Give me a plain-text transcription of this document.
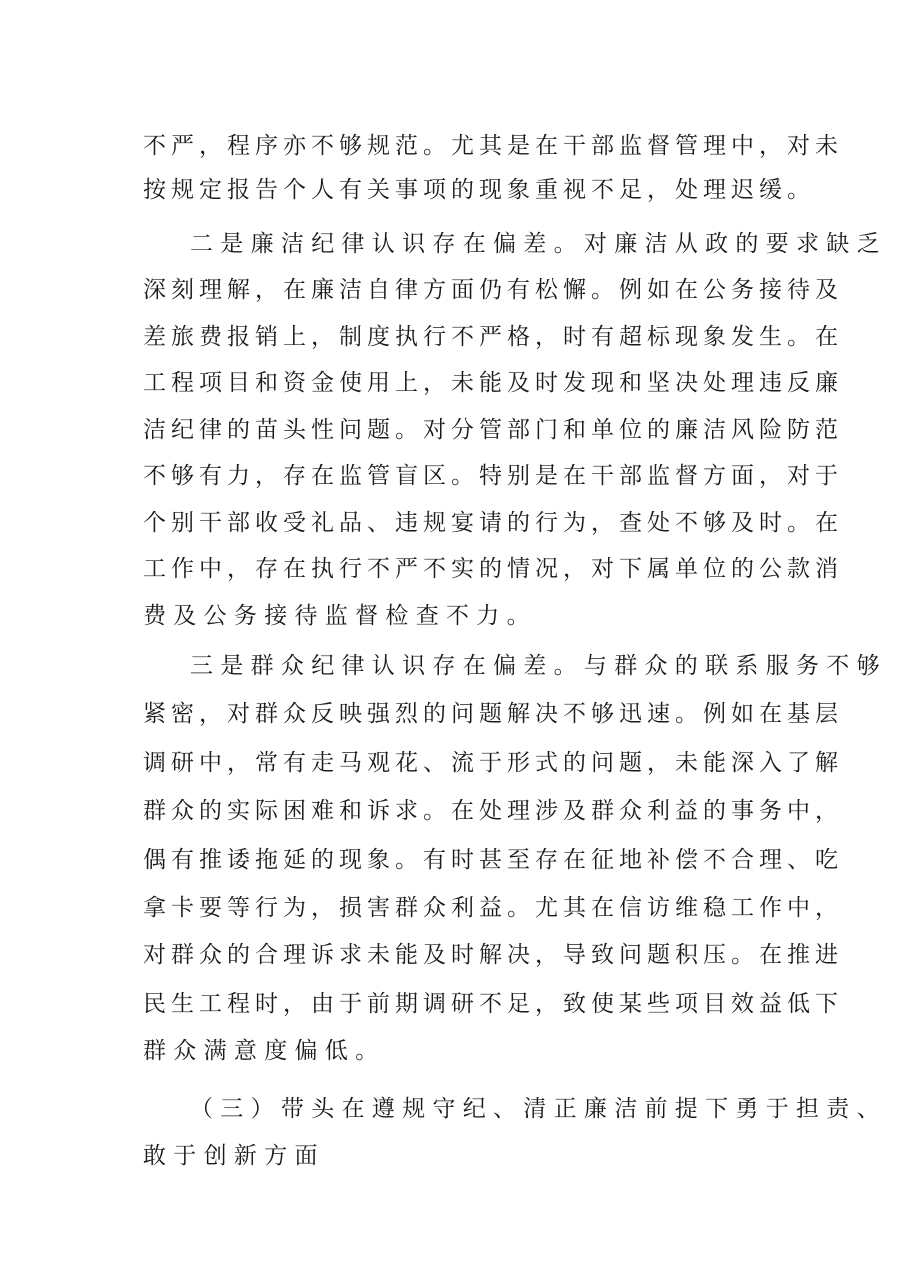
不严，程序亦不够规范。尤其是在干部监督管理中，对未
按规定报告个人有关事项的现象重视不足，处理迟缓。
二是廉洁纪律认识存在偏差。对廉洁从政的要求缺乏
深刻理解，在廉洁自律方面仍有松懈。例如在公务接待及
差旅费报销上，制度执行不严格，时有超标现象发生。在
工程项目和资金使用上，未能及时发现和坚决处理违反廉
洁纪律的苗头性问题。对分管部门和单位的廉洁风险防范
不够有力，存在监管盲区。特别是在干部监督方面，对于
个别干部收受礼品、违规宴请的行为，查处不够及时。在
工作中，存在执行不严不实的情况，对下属单位的公款消
费及公务接待监督检查不力。
三是群众纪律认识存在偏差。与群众的联系服务不够
紧密，对群众反映强烈的问题解决不够迅速。例如在基层
调研中，常有走马观花、流于形式的问题，未能深入了解
群众的实际困难和诉求。在处理涉及群众利益的事务中，
偶有推诿拖延的现象。有时甚至存在征地补偿不合理、吃
拿卡要等行为，损害群众利益。尤其在信访维稳工作中，
对群众的合理诉求未能及时解决，导致问题积压。在推进
民生工程时，由于前期调研不足，致使某些项目效益低下
群众满意度偏低。
（三）带头在遵规守纪、清正廉洁前提下勇于担责、
敢于创新方面
